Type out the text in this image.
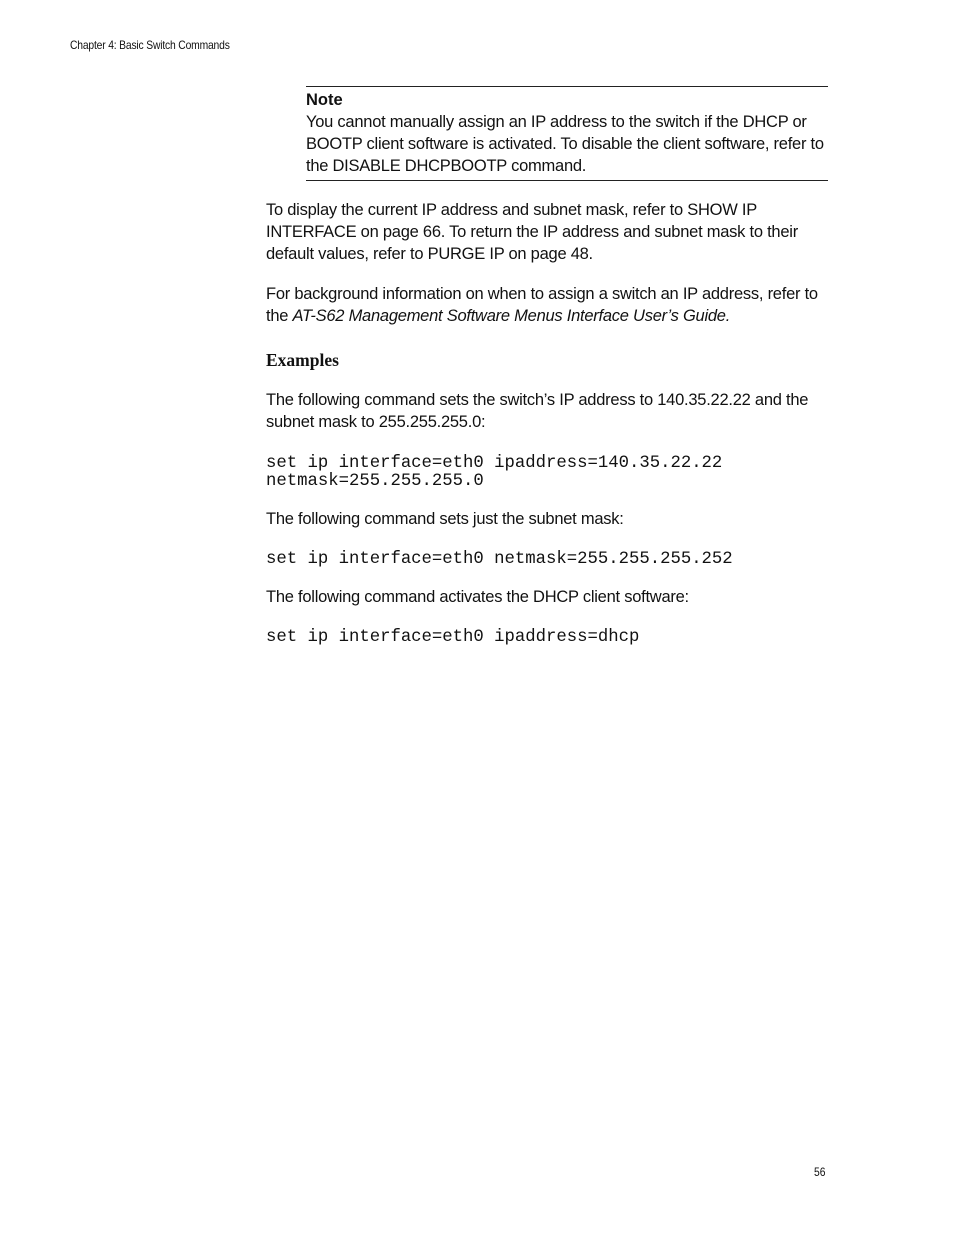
Chapter 4: Basic Switch Commands
Note
You cannot manually assign an IP address to the switch if the DHCP or BOOTP client software is activated. To disable the client software, refer to the DISABLE DHCPBOOTP command.

To display the current IP address and subnet mask, refer to SHOW IP INTERFACE on page 66. To return the IP address and subnet mask to their default values, refer to PURGE IP on page 48.

For background information on when to assign a switch an IP address, refer to the AT-S62 Management Software Menus Interface User’s Guide.

Examples

The following command sets the switch’s IP address to 140.35.22.22 and the subnet mask to 255.255.255.0:

set ip interface=eth0 ipaddress=140.35.22.22
netmask=255.255.255.0

The following command sets just the subnet mask:

set ip interface=eth0 netmask=255.255.255.252

The following command activates the DHCP client software:

set ip interface=eth0 ipaddress=dhcp
56
